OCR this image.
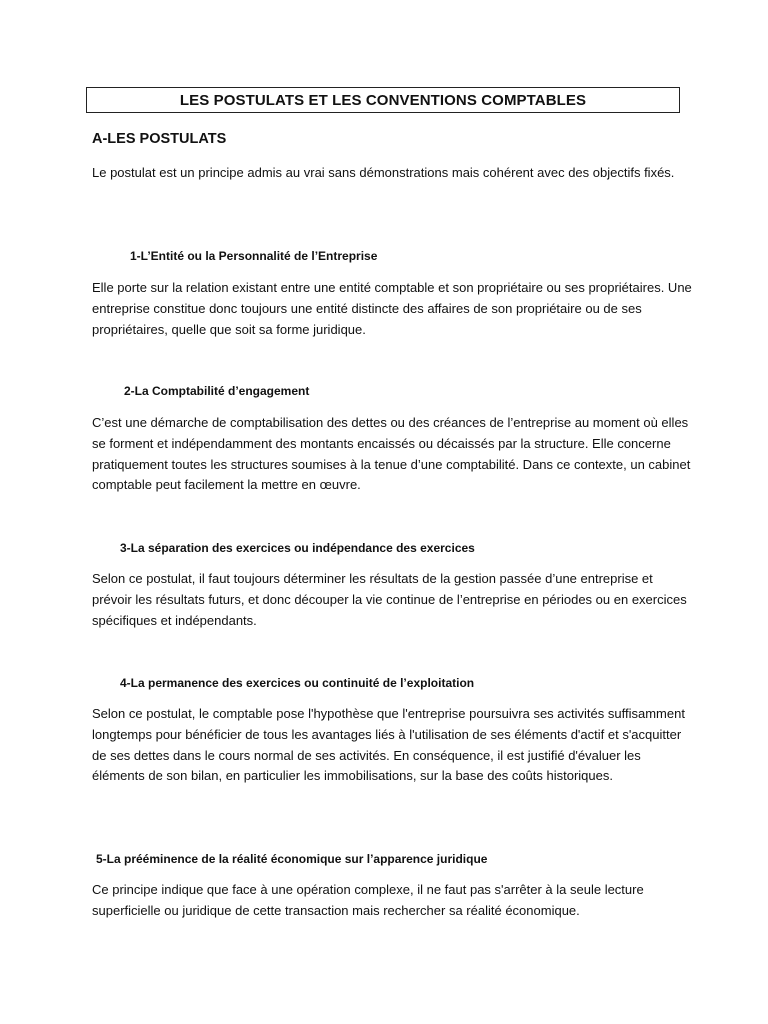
LES POSTULATS ET LES CONVENTIONS COMPTABLES
A-LES POSTULATS

Le postulat est un principe admis au vrai sans démonstrations mais cohérent avec des objectifs fixés.

1-L’Entité ou la Personnalité de l’Entreprise

Elle porte sur la relation existant entre une entité comptable et son propriétaire ou ses propriétaires. Une entreprise constitue donc toujours une entité distincte des affaires de son propriétaire ou de ses propriétaires, quelle que soit sa forme juridique.

2-La Comptabilité d’engagement

C’est une démarche de comptabilisation des dettes ou des créances de l’entreprise au moment où elles se forment et indépendamment des montants encaissés ou décaissés par la structure. Elle concerne pratiquement toutes les structures soumises à la tenue d’une comptabilité. Dans ce contexte, un cabinet comptable peut facilement la mettre en œuvre.

3-La séparation des exercices ou indépendance des exercices

Selon ce postulat, il faut toujours déterminer les résultats de la gestion passée d’une entreprise et prévoir les résultats futurs, et donc découper la vie continue de l’entreprise en périodes ou en exercices spécifiques et indépendants.

4-La permanence des exercices ou continuité de l’exploitation

Selon ce postulat, le comptable pose l'hypothèse que l'entreprise poursuivra ses activités suffisamment longtemps pour bénéficier de tous les avantages liés à l'utilisation de ses éléments d'actif et s'acquitter de ses dettes dans le cours normal de ses activités. En conséquence, il est justifié d'évaluer les éléments de son bilan, en particulier les immobilisations, sur la base des coûts historiques.

5-La prééminence de la réalité économique sur l’apparence juridique

Ce principe indique que face à une opération complexe, il ne faut pas s'arrêter à la seule lecture superficielle ou juridique de cette transaction mais rechercher sa réalité économique.
